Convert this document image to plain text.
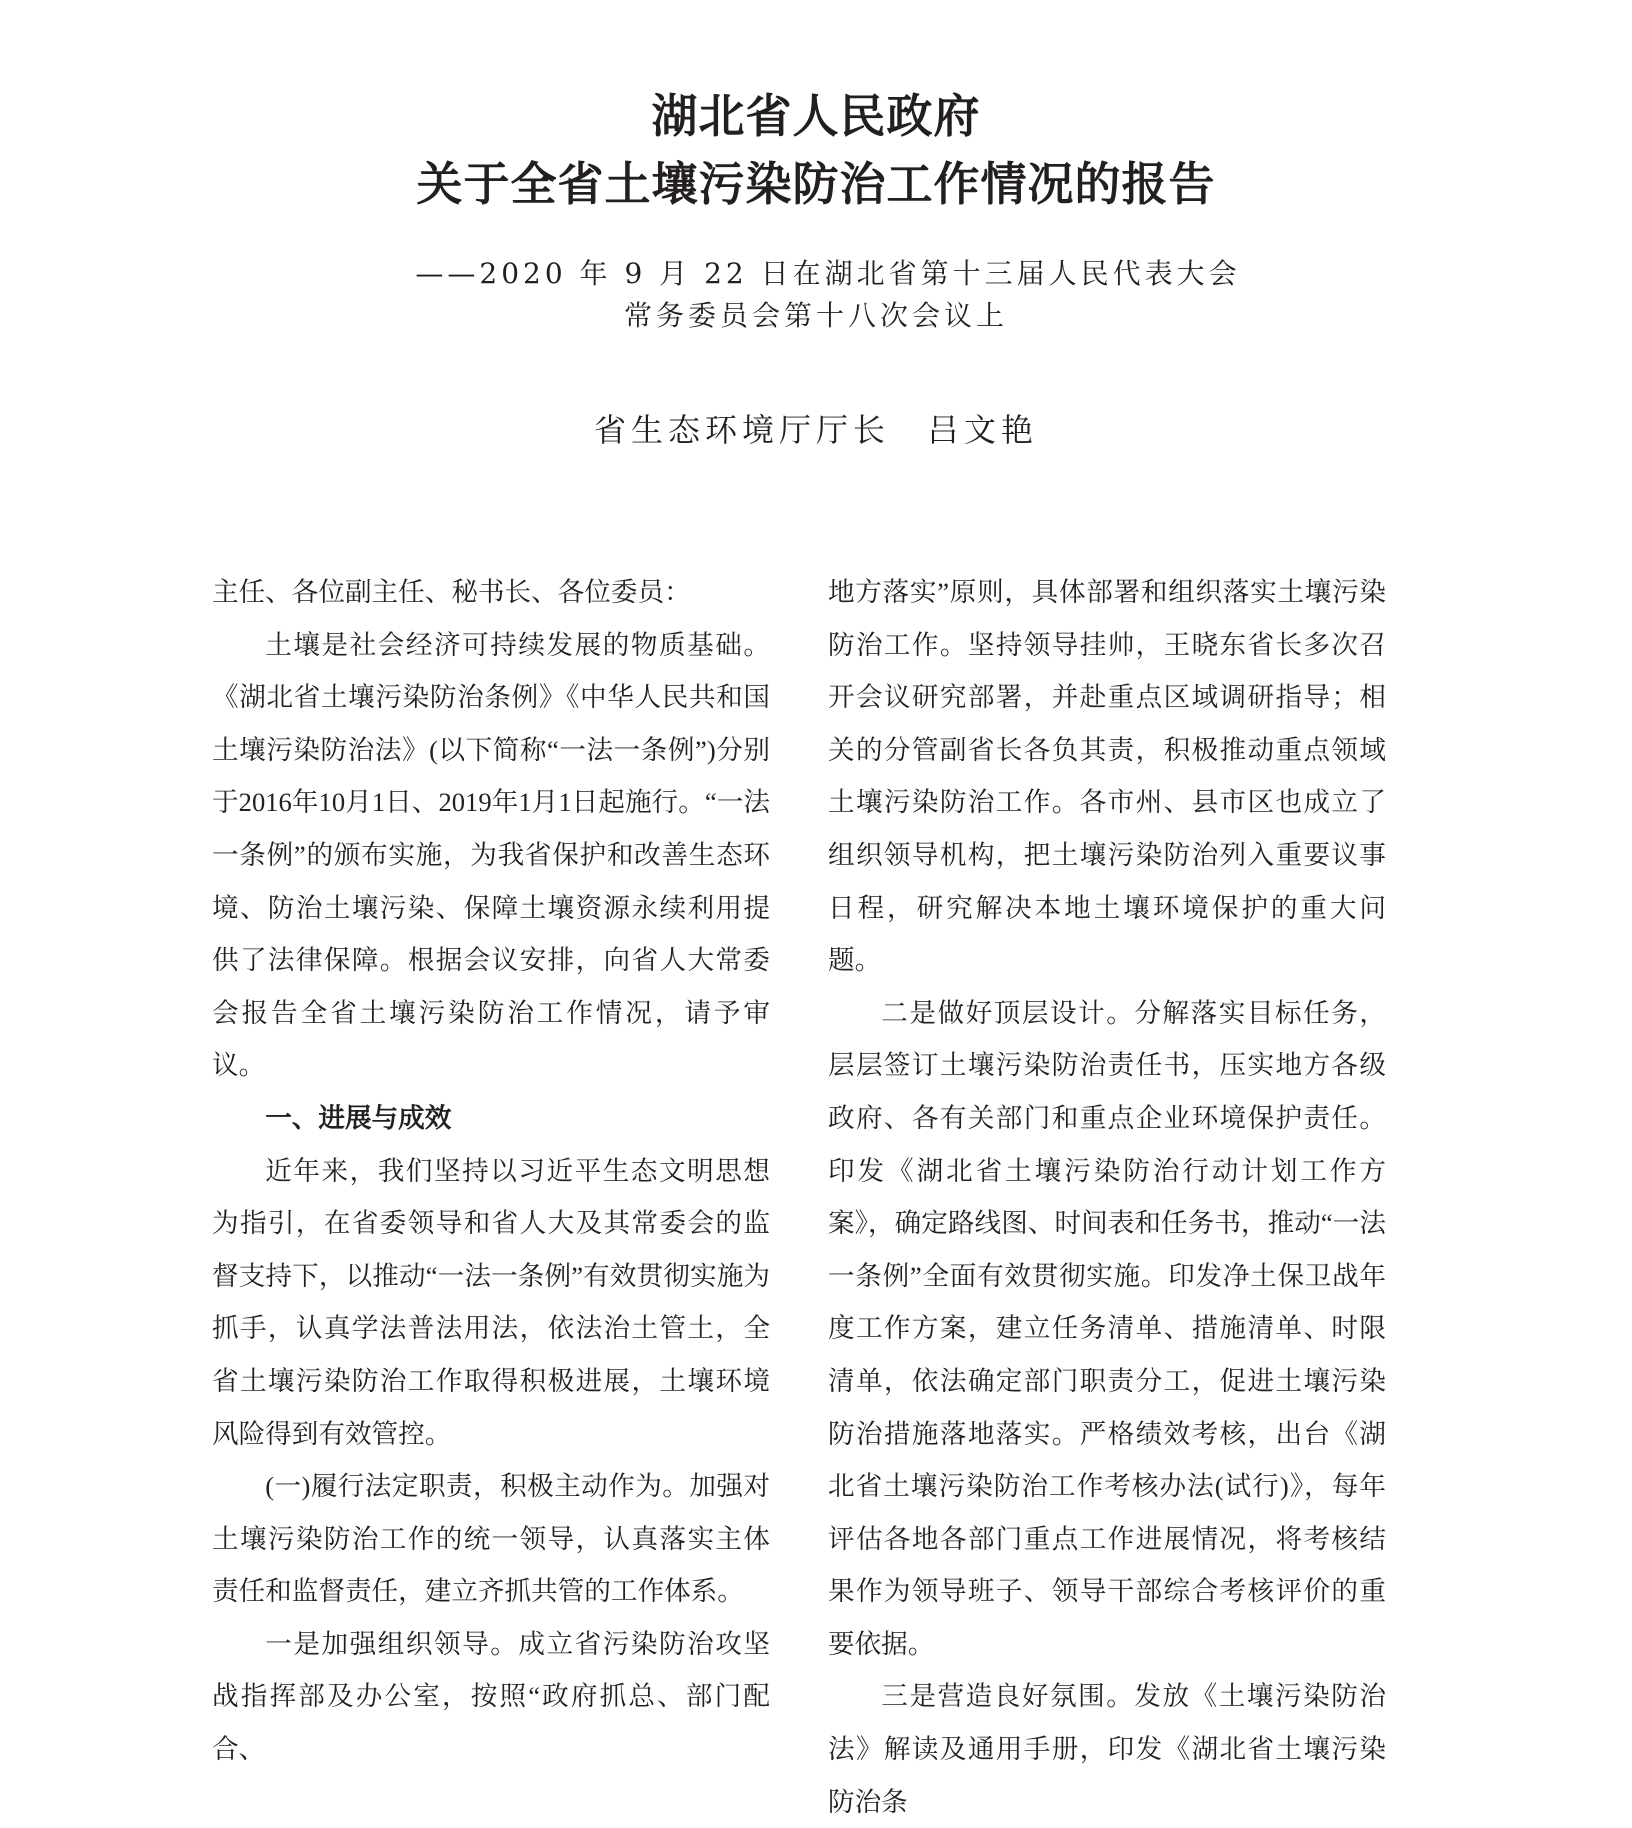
湖北省人民政府
关于全省土壤污染防治工作情况的报告
——2020 年 9 月 22 日在湖北省第十三届人民代表大会
常务委员会第十八次会议上
省生态环境厅厅长　吕文艳

主任、各位副主任、秘书长、各位委员：

土壤是社会经济可持续发展的物质基础。《湖北省土壤污染防治条例》《中华人民共和国土壤污染防治法》(以下简称“一法一条例”)分别于2016年10月1日、2019年1月1日起施行。“一法一条例”的颁布实施，为我省保护和改善生态环境、防治土壤污染、保障土壤资源永续利用提供了法律保障。根据会议安排，向省人大常委会报告全省土壤污染防治工作情况，请予审议。

一、进展与成效

近年来，我们坚持以习近平生态文明思想为指引，在省委领导和省人大及其常委会的监督支持下，以推动“一法一条例”有效贯彻实施为抓手，认真学法普法用法，依法治土管土，全省土壤污染防治工作取得积极进展，土壤环境风险得到有效管控。

(一)履行法定职责，积极主动作为。加强对土壤污染防治工作的统一领导，认真落实主体责任和监督责任，建立齐抓共管的工作体系。

一是加强组织领导。成立省污染防治攻坚战指挥部及办公室，按照“政府抓总、部门配合、

地方落实”原则，具体部署和组织落实土壤污染防治工作。坚持领导挂帅，王晓东省长多次召开会议研究部署，并赴重点区域调研指导；相关的分管副省长各负其责，积极推动重点领域土壤污染防治工作。各市州、县市区也成立了组织领导机构，把土壤污染防治列入重要议事日程，研究解决本地土壤环境保护的重大问题。

二是做好顶层设计。分解落实目标任务，层层签订土壤污染防治责任书，压实地方各级政府、各有关部门和重点企业环境保护责任。印发《湖北省土壤污染防治行动计划工作方案》，确定路线图、时间表和任务书，推动“一法一条例”全面有效贯彻实施。印发净土保卫战年度工作方案，建立任务清单、措施清单、时限清单，依法确定部门职责分工，促进土壤污染防治措施落地落实。严格绩效考核，出台《湖北省土壤污染防治工作考核办法(试行)》，每年评估各地各部门重点工作进展情况，将考核结果作为领导班子、领导干部综合考核评价的重要依据。

三是营造良好氛围。发放《土壤污染防治法》解读及通用手册，印发《湖北省土壤污染防治条
